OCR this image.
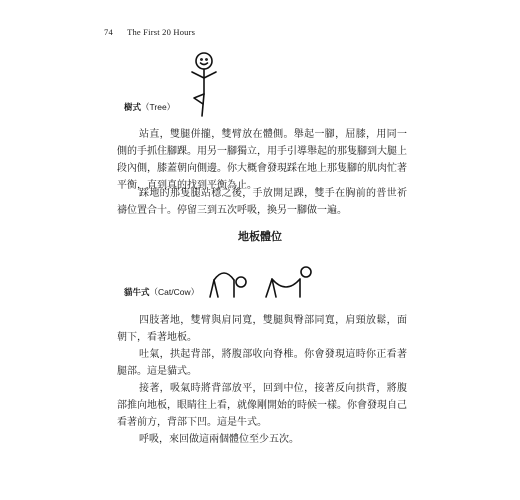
74 The First 20 Hours
樹式（Tree）

站直，雙腿併攏，雙臂放在體側。舉起一腳，屈膝，用同一側的手抓住腳踝。用另一腳獨立，用手引導舉起的那隻腳到大腿上段內側，膝蓋朝向側邊。你大概會發現踩在地上那隻腳的肌肉忙著平衡，直到真的找到平衡為止。

踩地的那隻腿站穩之後，手放開足踝，雙手在胸前的普世祈禱位置合十。停留三到五次呼吸，換另一腳做一遍。

地板體位
貓牛式（Cat/Cow）

四肢著地，雙臂與肩同寬，雙腿與臀部同寬，肩頸放鬆，面朝下，看著地板。

吐氣，拱起背部，將腹部收向脊椎。你會發現這時你正看著腿部。這是貓式。

接著，吸氣時將背部放平，回到中位，接著反向拱背，將腹部推向地板，眼睛往上看，就像剛開始的時候一樣。你會發現自己看著前方，背部下凹。這是牛式。

呼吸，來回做這兩個體位至少五次。
